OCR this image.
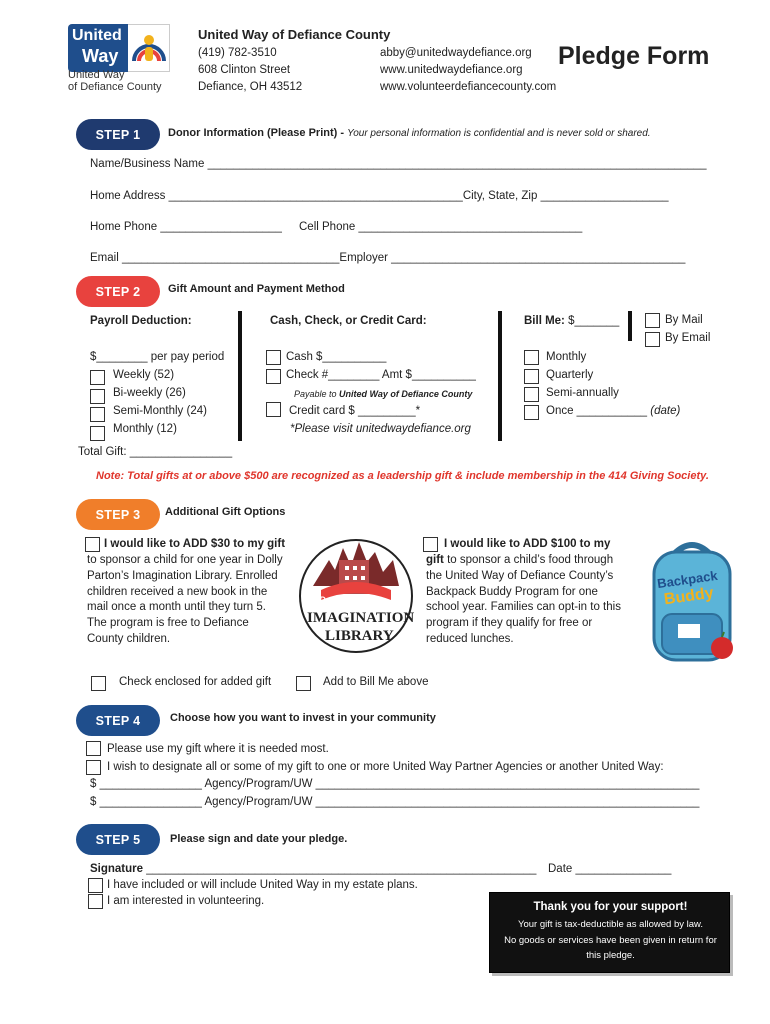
United
Way
United Way
of Defiance County
United Way of Defiance County
(419) 782-3510
608 Clinton Street
Defiance, OH 43512
abby@unitedwaydefiance.org
www.unitedwaydefiance.org
www.volunteerdefiancecounty.com
Pledge Form
STEP 1	Donor Information (Please Print) - Your personal information is confidential and is never sold or shared.
Name/Business Name ______________________________________________________________________________
Home Address ______________________________________________City, State, Zip ____________________
Home Phone ___________________ Cell Phone ___________________________________
Email __________________________________Employer ______________________________________________
STEP 2	Gift Amount and Payment Method
Payroll Deduction:
$________ per pay period
Weekly (52)
Bi-weekly (26)
Semi-Monthly (24)
Monthly (12)
Cash, Check, or Credit Card:
Cash $__________
Check #________ Amt $__________
Payable to United Way of Defiance County
Credit card $ _________*
*Please visit unitedwaydefiance.org
Bill Me: $_______	By Mail
By Email
Monthly
Quarterly
Semi-annually
Once ___________ (date)
Total Gift: ________________
Note: Total gifts at or above $500 are recognized as a leadership gift & include membership in the 414 Giving Society.
STEP 3	Additional Gift Options
I would like to ADD $30 to my gift
to sponsor a child for one year in Dolly
Parton’s Imagination Library. Enrolled
children received a new book in the
mail once a month until they turn 5.
The program is free to Defiance
County children.
Dolly Parton’s
IMAGINATION
LIBRARY
I would like to ADD $100 to my
gift to sponsor a child’s food through
the United Way of Defiance County’s
Backpack Buddy Program for one
school year. Families can opt-in to this
program if they qualify for free or
reduced lunches.
Backpack
Buddy
Check enclosed for added gift	Add to Bill Me above
STEP 4	Choose how you want to invest in your community
Please use my gift where it is needed most.
I wish to designate all or some of my gift to one or more United Way Partner Agencies or another United Way:
$ ________________ Agency/Program/UW ____________________________________________________________
$ ________________ Agency/Program/UW ____________________________________________________________
STEP 5	Please sign and date your pledge.
Signature _____________________________________________________________ Date _______________
I have included or will include United Way in my estate plans.
I am interested in volunteering.	Thank you for your support!
Your gift is tax-deductible as allowed by law.
No goods or services have been given in return for
this pledge.
